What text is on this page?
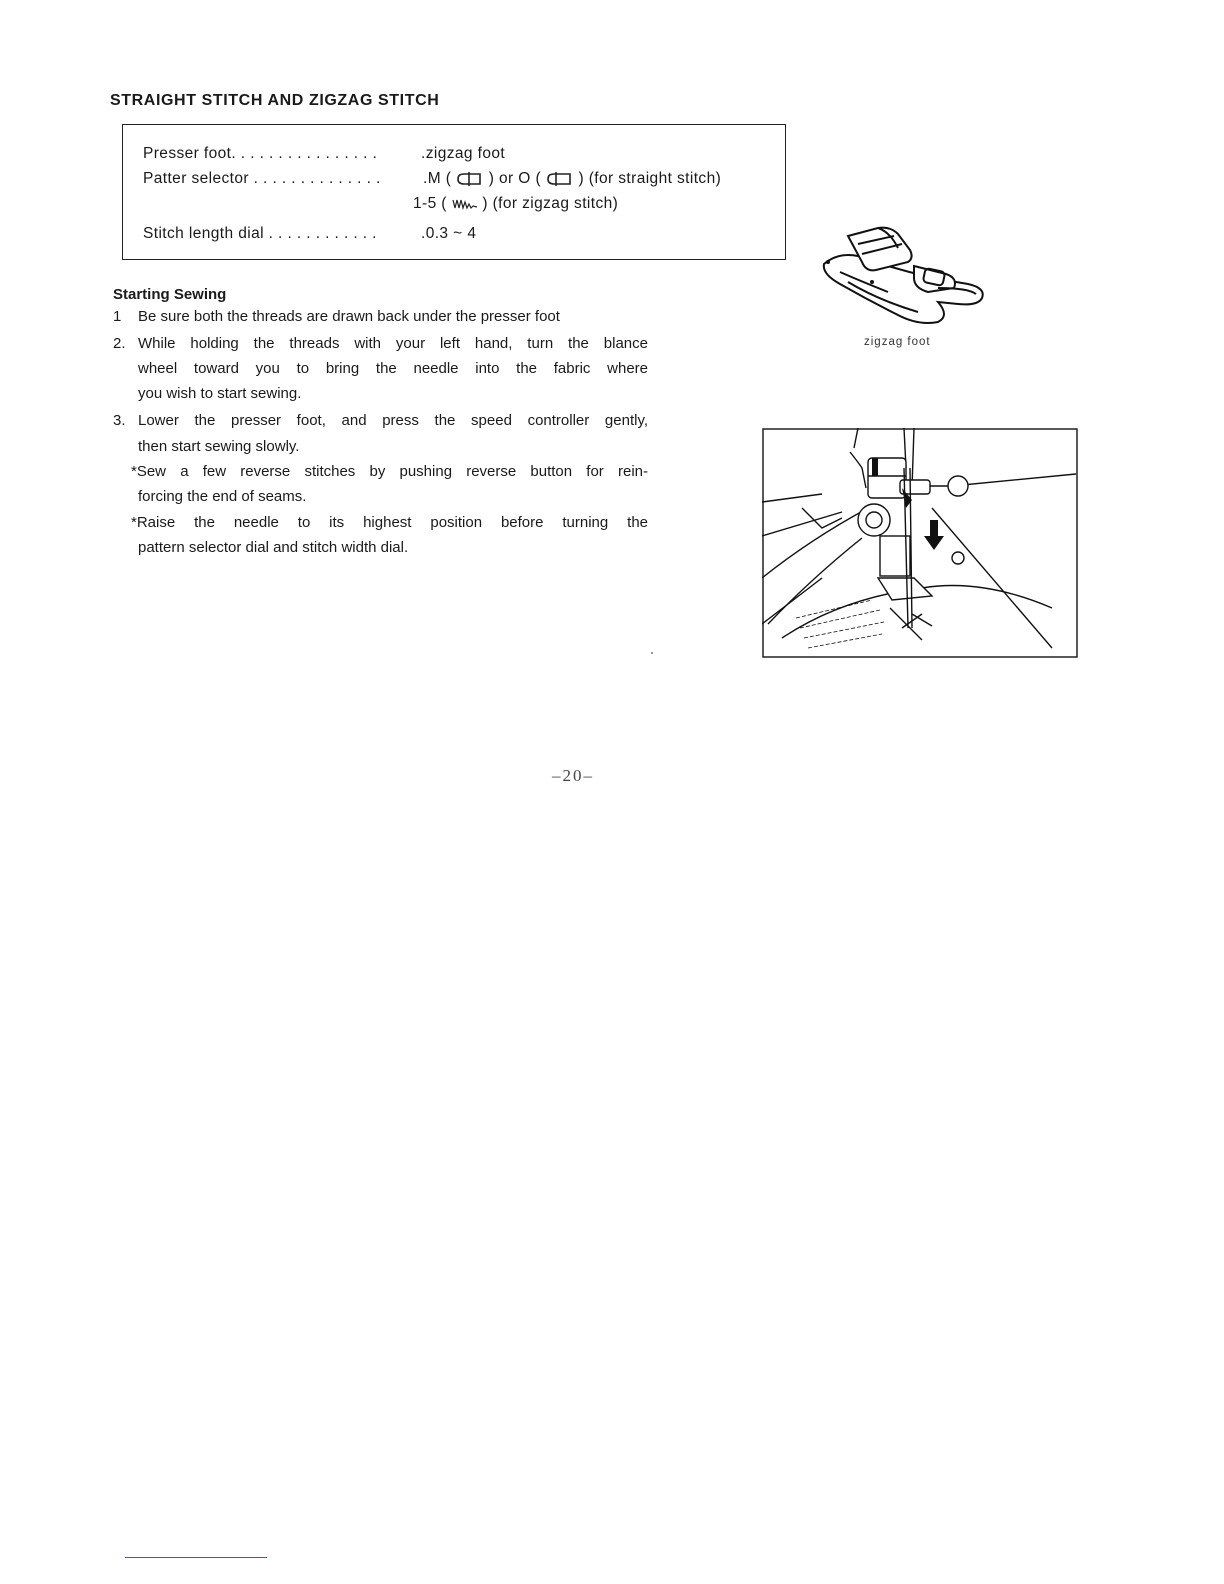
STRAIGHT STITCH AND ZIGZAG STITCH
Presser foot. . . . . . . . . . . . . . . .	.zigzag foot
Patter selector . . . . . . . . . . . . . .	.M ( ) or O ( ) (for straight stitch)
1-5 ( ) (for zigzag stitch)
Stitch length dial . . . . . . . . . . . .	.0.3 ~ 4
Starting Sewing
1 Be sure both the threads are drawn back under the presser foot
2. While holding the threads with your left hand, turn the blance
wheel toward you to bring the needle into the fabric where
you wish to start sewing.
3. Lower the presser foot, and press the speed controller gently,
then start sewing slowly.
*Sew a few reverse stitches by pushing reverse button for rein-
forcing the end of seams.
*Raise the needle to its highest position before turning the
pattern selector dial and stitch width dial.
zigzag foot
–20–
